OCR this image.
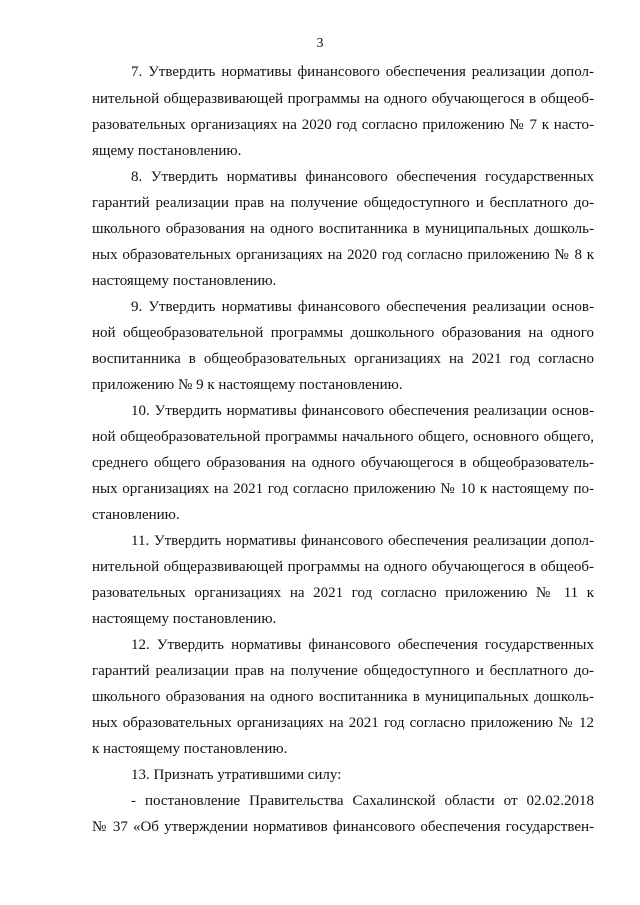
3
7. Утвердить нормативы финансового обеспечения реализации допол-
нительной общеразвивающей программы на одного обучающегося в общеоб-
разовательных организациях на 2020 год согласно приложению № 7 к насто-
ящему постановлению.
8. Утвердить нормативы финансового обеспечения государственных
гарантий реализации прав на получение общедоступного и бесплатного до-
школьного образования на одного воспитанника в муниципальных дошколь-
ных образовательных организациях на 2020 год согласно приложению № 8 к
настоящему постановлению.
9. Утвердить нормативы финансового обеспечения реализации основ-
ной общеобразовательной программы дошкольного образования на одного
воспитанника в общеобразовательных организациях на 2021 год согласно
приложению № 9 к настоящему постановлению.
10. Утвердить нормативы финансового обеспечения реализации основ-
ной общеобразовательной программы начального общего, основного общего,
среднего общего образования на одного обучающегося в общеобразователь-
ных организациях на 2021 год согласно приложению № 10 к настоящему по-
становлению.
11. Утвердить нормативы финансового обеспечения реализации допол-
нительной общеразвивающей программы на одного обучающегося в общеоб-
разовательных организациях на 2021 год согласно приложению № 11 к
настоящему постановлению.
12. Утвердить нормативы финансового обеспечения государственных
гарантий реализации прав на получение общедоступного и бесплатного до-
школьного образования на одного воспитанника в муниципальных дошколь-
ных образовательных организациях на 2021 год согласно приложению № 12
к настоящему постановлению.
13. Признать утратившими силу:
- постановление Правительства Сахалинской области от 02.02.2018
№ 37 «Об утверждении нормативов финансового обеспечения государствен-
